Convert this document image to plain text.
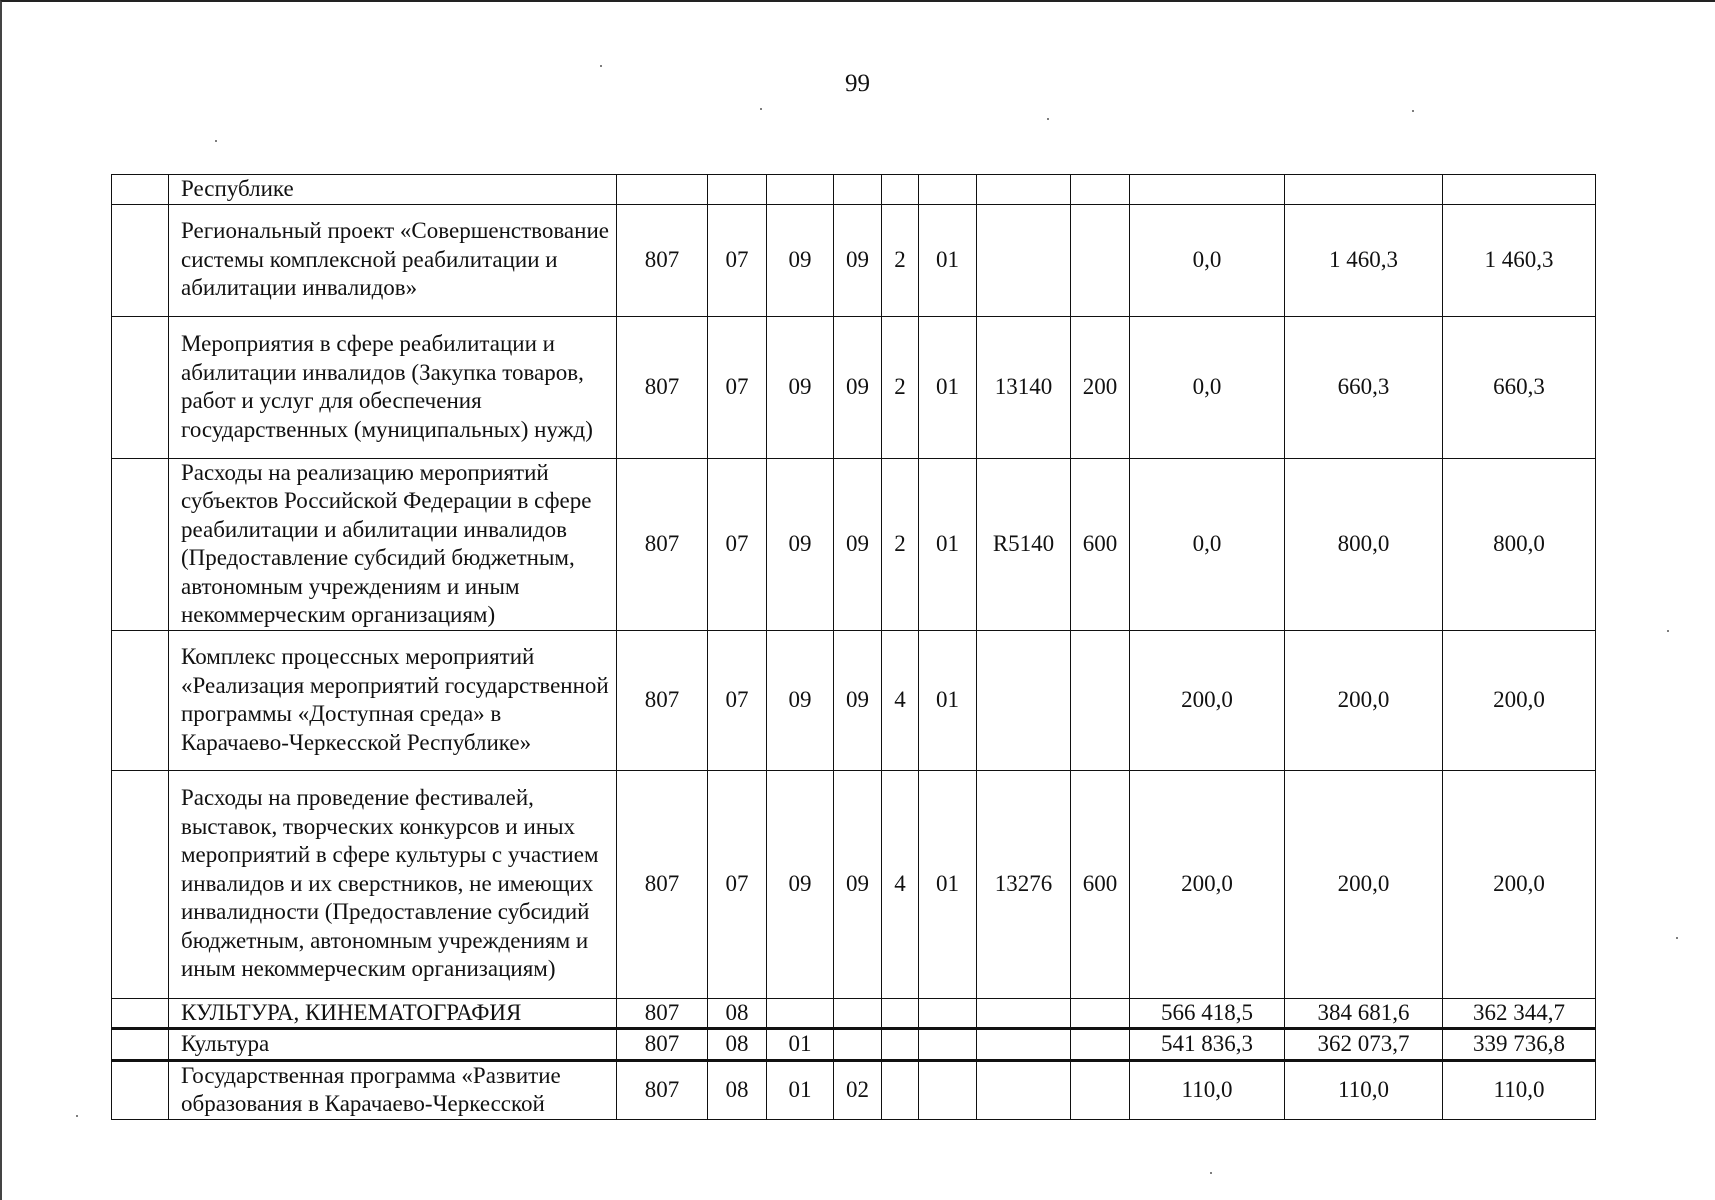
99
	Республике											
	Региональный проект «Совершенствование системы комплексной реабилитации и абилитации инвалидов»	807	07	09	09	2	01			0,0	1 460,3	1 460,3
	Мероприятия в сфере реабилитации и абилитации инвалидов (Закупка товаров, работ и услуг для обеспечения государственных (муниципальных) нужд)	807	07	09	09	2	01	13140	200	0,0	660,3	660,3
	Расходы на реализацию мероприятий субъектов Российской Федерации в сфере реабилитации и абилитации инвалидов (Предоставление субсидий бюджетным, автономным учреждениям и иным некоммерческим организациям)	807	07	09	09	2	01	R5140	600	0,0	800,0	800,0
	Комплекс процессных мероприятий «Реализация мероприятий государственной программы «Доступная среда» в Карачаево-Черкесской Республике»	807	07	09	09	4	01			200,0	200,0	200,0
	Расходы на проведение фестивалей, выставок, творческих конкурсов и иных мероприятий в сфере культуры с участием инвалидов и их сверстников, не имеющих инвалидности (Предоставление субсидий бюджетным, автономным учреждениям и иным некоммерческим организациям)	807	07	09	09	4	01	13276	600	200,0	200,0	200,0
	КУЛЬТУРА, КИНЕМАТОГРАФИЯ	807	08							566 418,5	384 681,6	362 344,7
	Культура	807	08	01						541 836,3	362 073,7	339 736,8
	Государственная программа «Развитие образования в Карачаево-Черкесской	807	08	01	02					110,0	110,0	110,0
